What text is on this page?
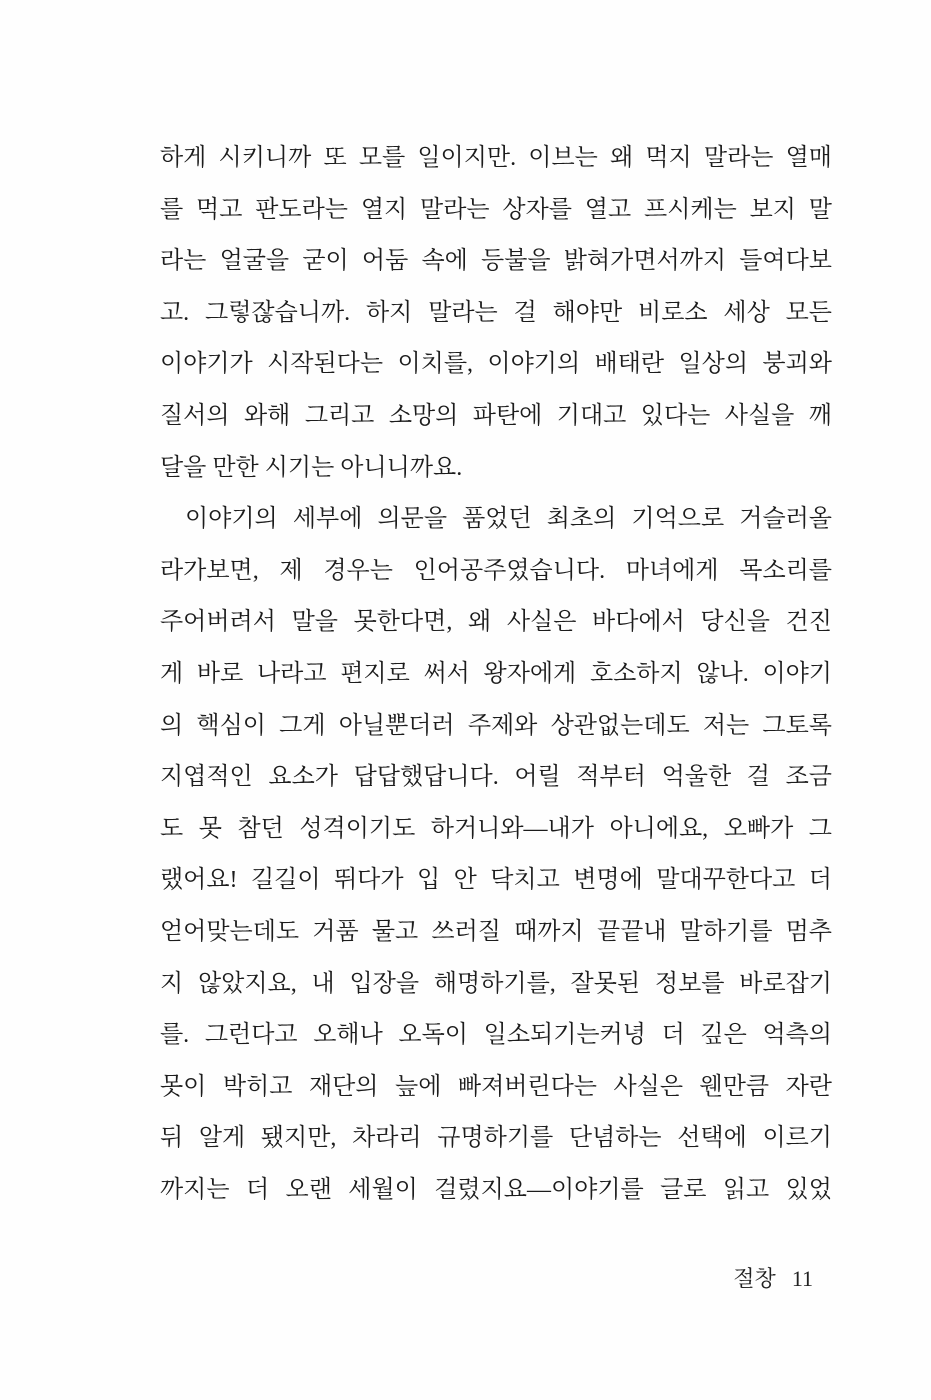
하게 시키니까 또 모를 일이지만. 이브는 왜 먹지 말라는 열매
를 먹고 판도라는 열지 말라는 상자를 열고 프시케는 보지 말
라는 얼굴을 굳이 어둠 속에 등불을 밝혀가면서까지 들여다보
고. 그렇잖습니까. 하지 말라는 걸 해야만 비로소 세상 모든
이야기가 시작된다는 이치를, 이야기의 배태란 일상의 붕괴와
질서의 와해 그리고 소망의 파탄에 기대고 있다는 사실을 깨
달을 만한 시기는 아니니까요.
이야기의 세부에 의문을 품었던 최초의 기억으로 거슬러올
라가보면, 제 경우는 인어공주였습니다. 마녀에게 목소리를
주어버려서 말을 못한다면, 왜 사실은 바다에서 당신을 건진
게 바로 나라고 편지로 써서 왕자에게 호소하지 않나. 이야기
의 핵심이 그게 아닐뿐더러 주제와 상관없는데도 저는 그토록
지엽적인 요소가 답답했답니다. 어릴 적부터 억울한 걸 조금
도 못 참던 성격이기도 하거니와―내가 아니에요, 오빠가 그
랬어요! 길길이 뛰다가 입 안 닥치고 변명에 말대꾸한다고 더
얻어맞는데도 거품 물고 쓰러질 때까지 끝끝내 말하기를 멈추
지 않았지요, 내 입장을 해명하기를, 잘못된 정보를 바로잡기
를. 그런다고 오해나 오독이 일소되기는커녕 더 깊은 억측의
못이 박히고 재단의 늪에 빠져버린다는 사실은 웬만큼 자란
뒤 알게 됐지만, 차라리 규명하기를 단념하는 선택에 이르기
까지는 더 오랜 세월이 걸렸지요―이야기를 글로 읽고 있었
절창 11
